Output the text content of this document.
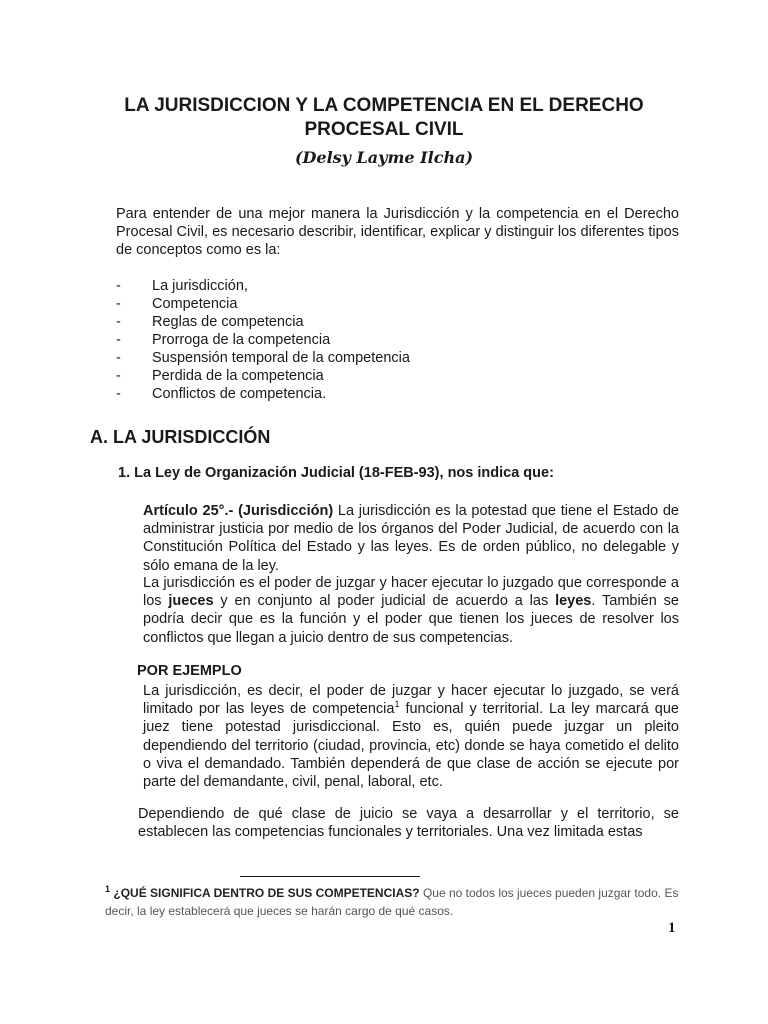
LA JURISDICCION Y LA COMPETENCIA EN EL DERECHO
PROCESAL CIVIL
(Delsy Layme Ilcha)

Para entender de una mejor manera la Jurisdicción y la competencia en el Derecho Procesal Civil, es necesario describir, identificar, explicar y distinguir los diferentes tipos de conceptos como es la:

- La jurisdicción,
- Competencia
- Reglas de competencia
- Prorroga de la competencia
- Suspensión temporal de la competencia
- Perdida de la competencia
- Conflictos de competencia.
A. LA JURISDICCIÓN
1. La Ley de Organización Judicial (18-FEB-93), nos indica que:

Artículo 25°.- (Jurisdicción) La jurisdicción es la potestad que tiene el Estado de administrar justicia por medio de los órganos del Poder Judicial, de acuerdo con la Constitución Política del Estado y las leyes. Es de orden público, no delegable y sólo emana de la ley.

La jurisdicción es el poder de juzgar y hacer ejecutar lo juzgado que corresponde a los jueces y en conjunto al poder judicial de acuerdo a las leyes. También se podría decir que es la función y el poder que tienen los jueces de resolver los conflictos que llegan a juicio dentro de sus competencias.

POR EJEMPLO

La jurisdicción, es decir, el poder de juzgar y hacer ejecutar lo juzgado, se verá limitado por las leyes de competencia$^1$ funcional y territorial. La ley marcará que juez tiene potestad jurisdiccional. Esto es, quién puede juzgar un pleito dependiendo del territorio (ciudad, provincia, etc) donde se haya cometido el delito o viva el demandado. También dependerá de que clase de acción se ejecute por parte del demandante, civil, penal, laboral, etc.

Dependiendo de qué clase de juicio se vaya a desarrollar y el territorio, se establecen las competencias funcionales y territoriales. Una vez limitada estas

$^1$ ¿QUÉ SIGNIFICA DENTRO DE SUS COMPETENCIAS? Que no todos los jueces pueden juzgar todo. Es decir, la ley establecerá que jueces se harán cargo de qué casos.

1
